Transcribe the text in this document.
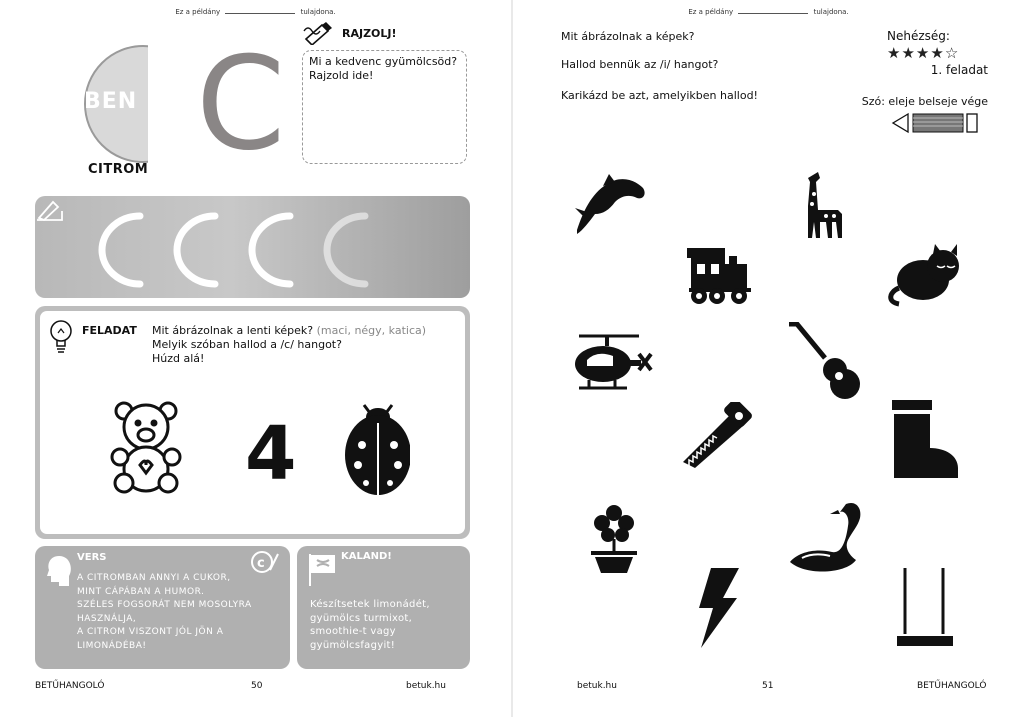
Ez a példány	tulajdona.
BEN C
CITROM
RAJZOLJ!
Mi a kedvenc gyümölcsöd?
Rajzold ide!
FELADAT Mit ábrázolnak a lenti képek? (maci, négy, katica)
Melyik szóban hallod a /c/ hangot?
Húzd alá!
4
VERS	c
A CITROMBAN ANNYI A CUKOR,
MINT CÁPÁBAN A HUMOR.
SZÉLES FOGSORÁT NEM MOSOLYRA
HASZNÁLJA,
A CITROM VISZONT JÓL JÖN A
LIMONÁDÉBA!
KALAND!
Készítsetek limonádét,
gyümölcs turmixot,
smoothie-t vagy
gyümölcsfagyit!
BETŰHANGOLÓ	50	betuk.hu
Ez a példány	tulajdona.
Mit ábrázolnak a képek?
Hallod bennük az /i/ hangot?
Karikázd be azt, amelyikben hallod!
Nehézség:
★★★★☆
1. feladat
Szó: eleje belseje vége
betuk.hu	51	BETŰHANGOLÓ
